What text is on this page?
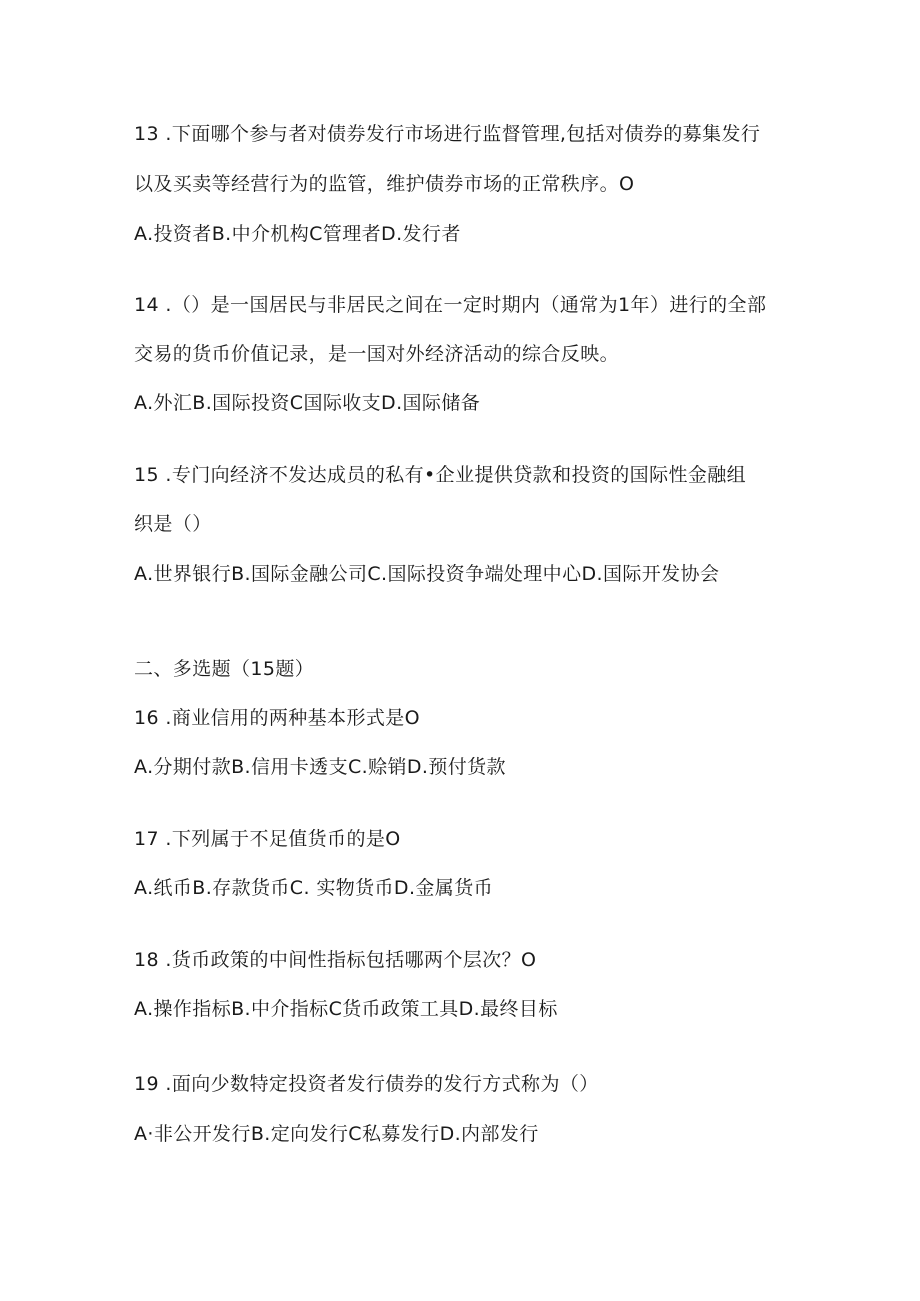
13 .下面哪个参与者对债券发行市场进行监督管理,包括对债券的募集发行
以及买卖等经营行为的监管，维护债券市场的正常秩序。O
A.投资者B.中介机构C管理者D.发行者
14 .（）是一国居民与非居民之间在一定时期内（通常为1年）进行的全部
交易的货币价值记录，是一国对外经济活动的综合反映。
A.外汇B.国际投资C国际收支D.国际储备
15 .专门向经济不发达成员的私有•企业提供贷款和投资的国际性金融组
织是（）
A.世界银行B.国际金融公司C.国际投资争端处理中心D.国际开发协会
二、多选题（15题）
16 .商业信用的两种基本形式是O
A.分期付款B.信用卡透支C.赊销D.预付货款
17 .下列属于不足值货币的是O
A.纸币B.存款货币C. 实物货币D.金属货币
18 .货币政策的中间性指标包括哪两个层次？O
A.操作指标B.中介指标C货币政策工具D.最终目标
19 .面向少数特定投资者发行债券的发行方式称为（）
A·非公开发行B.定向发行C私募发行D.内部发行
